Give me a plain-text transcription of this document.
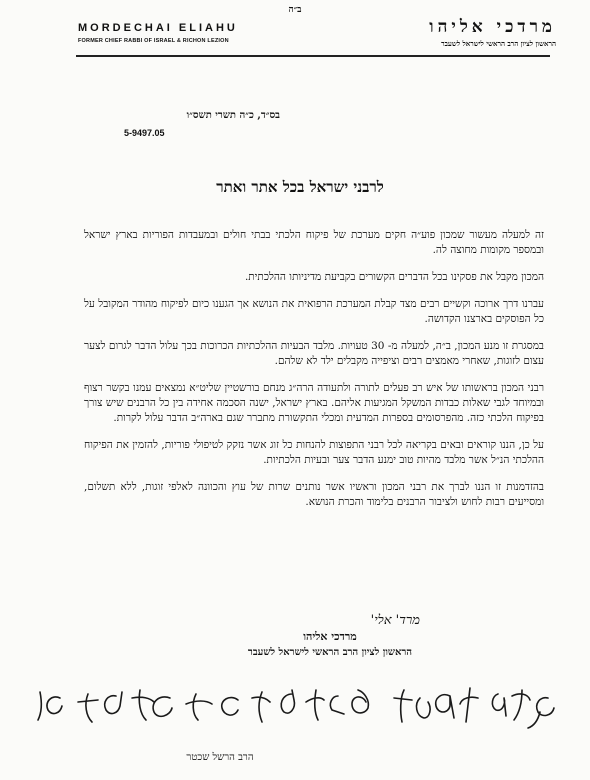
ב״ה
MORDECHAI ELIAHU
FORMER CHIEF RABBI OF ISRAEL & RICHON LEZION
מרדכי אליהו
הראשון לציון הרב הראשי לישראל לשעבר
בס״ד, כ״ה תשרי תשס״ו
5-9497.05
לרבני ישראל בכל אתר ואתר

זה למעלה מעשור שמכון פוע״ה חקים מערכת של פיקוח הלכתי בבתי חולים ובמעבדות הפוריות בארץ ישראל ובמספר מקומות מחוצה לה.

המכון מקבל את פסקינו בכל הדברים הקשורים בקביעת מדיניותו ההלכתית.

עברנו דרך ארוכה וקשיים רבים מצד קבלת המערכת הרפואית את הנושא אך הגענו כיום לפיקוח מהודר המקובל על כל הפוסקים בארצנו הקדושה.

במסגרת זו מנע המכון, ב״ה, למעלה מ- 30 טעויות. מלבד הבעיות ההלכתיות הכרוכות בכך עלול הדבר לגרום לצער עצום לזוגות, שאחרי מאמצים רבים וציפייה מקבלים ילד לא שלהם.

רבני המכון בראשותו של איש רב פעלים לתורה ולתעודה הרה״ג מנחם בורשטיין שליט״א נמצאים עמנו בקשר רצוף ובמיוחד לגבי שאלות כבדות המשקל המגיעות אליהם. בארץ ישראל, ישנה הסכמה אחידה בין כל הרבנים שיש צורך בפיקוח הלכתי כזה. מהפרסומים בספרות המדעית ומכלי התקשורת מתברר שגם בארה״ב הדבר עלול לקרות.

על כן, הננו קוראים ובאים בקריאה לכל רבני התפוצות להנחות כל זוג אשר נזקק לטיפולי פוריות, להזמין את הפיקוח ההלכתי הנ״ל אשר מלבד מהיות טוב ימנע הדבר צער ובעיות הלכתיות.

בהזדמנות זו הננו לברך את רבני המכון וראשיו אשר נותנים שרות של עוץ והכוונה לאלפי זוגות, ללא תשלום, ומסייעים רבות לחוש ולציבור הרבנים בלימוד והכרת הנושא.

מרד' אלי'
מרדכי אליהו
הראשון לציון הרב הראשי לישראל לשעבר
גם אני מצטרף יהי ה' בעזרו כדי שפטר
הרב הרשל שכטר
